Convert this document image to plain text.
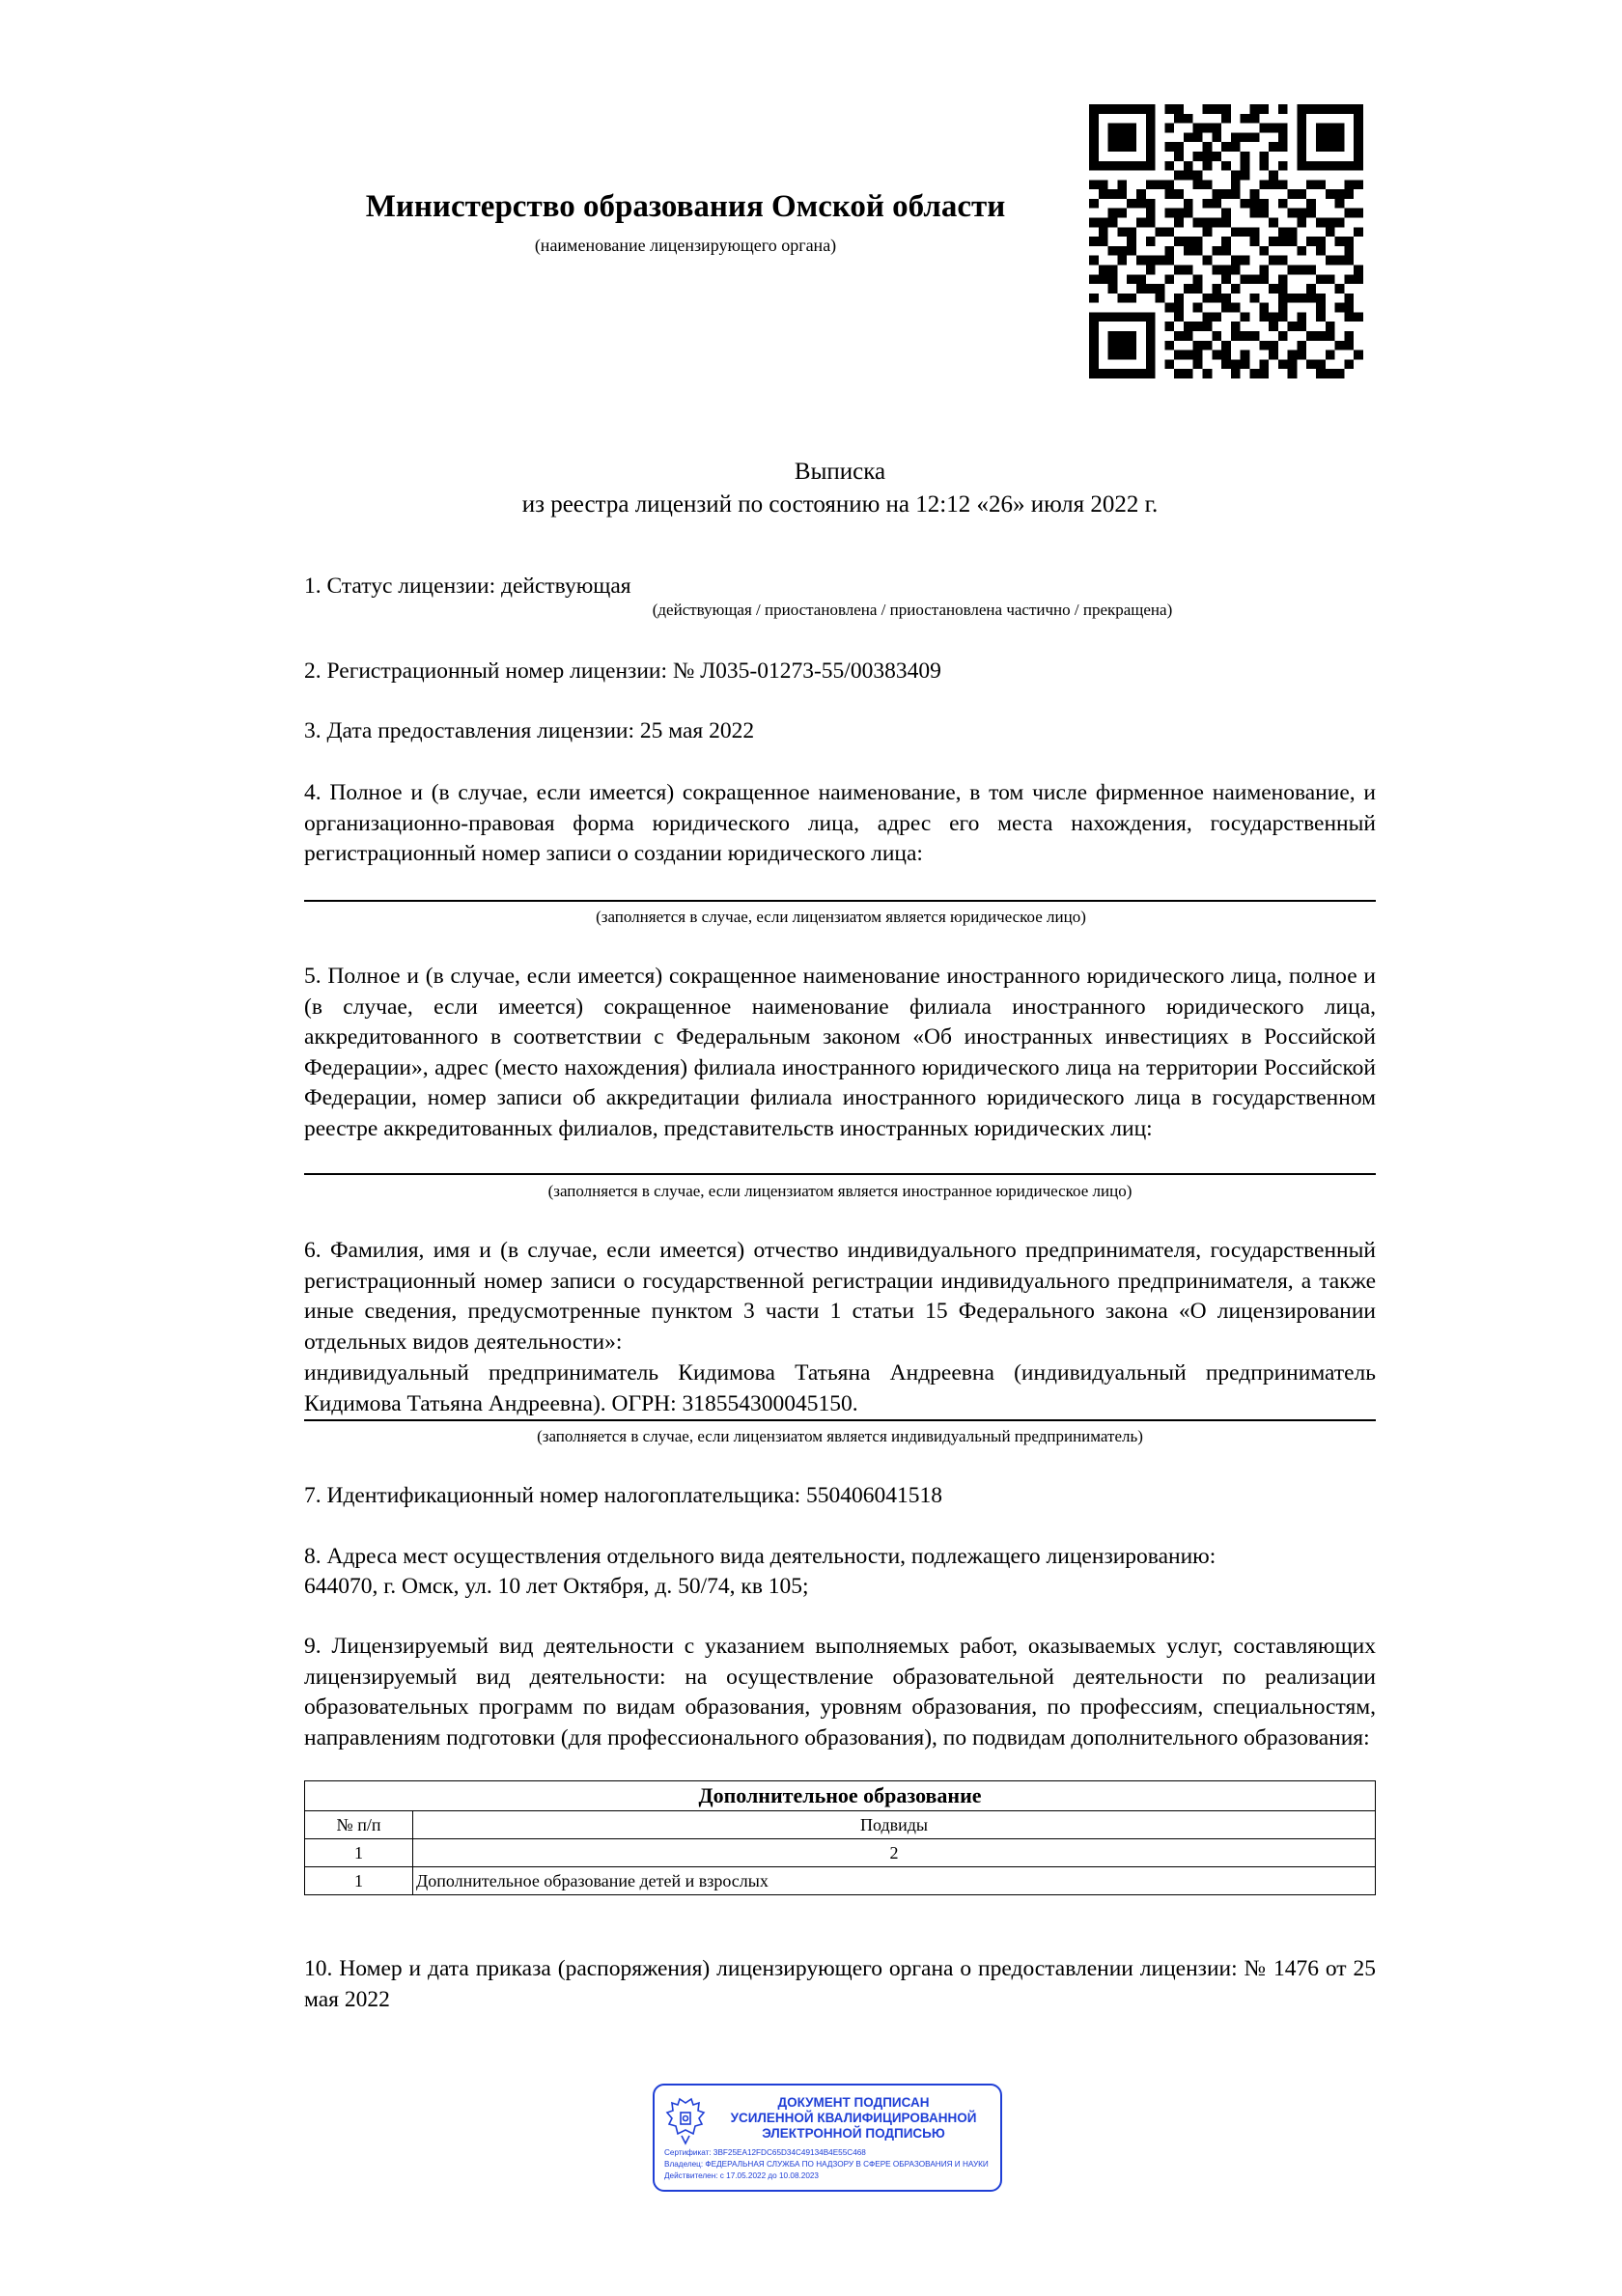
Министерство образования Омской области
(наименование лицензирующего органа)
Выписка
из реестра лицензий по состоянию на 12:12 «26» июля 2022 г.
1. Статус лицензии: действующая
(действующая / приостановлена / приостановлена частично / прекращена)
2. Регистрационный номер лицензии: № Л035-01273-55/00383409
3. Дата предоставления лицензии: 25 мая 2022
4. Полное и (в случае, если имеется) сокращенное наименование, в том числе фирменное наименование, и организационно-правовая форма юридического лица, адрес его места нахождения, государственный регистрационный номер записи о создании юридического лица:
(заполняется в случае, если лицензиатом является юридическое лицо)
5. Полное и (в случае, если имеется) сокращенное наименование иностранного юридического лица, полное и (в случае, если имеется) сокращенное наименование филиала иностранного юридического лица, аккредитованного в соответствии с Федеральным законом «Об иностранных инвестициях в Российской Федерации», адрес (место нахождения) филиала иностранного юридического лица на территории Российской Федерации, номер записи об аккредитации филиала иностранного юридического лица в государственном реестре аккредитованных филиалов, представительств иностранных юридических лиц:
(заполняется в случае, если лицензиатом является иностранное юридическое лицо)
6. Фамилия, имя и (в случае, если имеется) отчество индивидуального предпринимателя, государственный регистрационный номер записи о государственной регистрации индивидуального предпринимателя, а также иные сведения, предусмотренные пунктом 3 части 1 статьи 15 Федерального закона «О лицензировании отдельных видов деятельности»:
индивидуальный предприниматель Кидимова Татьяна Андреевна (индивидуальный предприниматель Кидимова Татьяна Андреевна). ОГРН: 318554300045150.
(заполняется в случае, если лицензиатом является индивидуальный предприниматель)
7. Идентификационный номер налогоплательщика: 550406041518
8. Адреса мест осуществления отдельного вида деятельности, подлежащего лицензированию:
644070, г. Омск, ул. 10 лет Октября, д. 50/74, кв 105;
9. Лицензируемый вид деятельности с указанием выполняемых работ, оказываемых услуг, составляющих лицензируемый вид деятельности: на осуществление образовательной деятельности по реализации образовательных программ по видам образования, уровням образования, по профессиям, специальностям, направлениям подготовки (для профессионального образования), по подвидам дополнительного образования:
Дополнительное образование	
№ п/п	Подвиды
1	2
1	Дополнительное образование детей и взрослых
10. Номер и дата приказа (распоряжения) лицензирующего органа о предоставлении лицензии: № 1476 от 25 мая 2022
ДОКУМЕНТ ПОДПИСАН
УСИЛЕННОЙ КВАЛИФИЦИРОВАННОЙ
ЭЛЕКТРОННОЙ ПОДПИСЬЮ
Сертификат: 3BF25EA12FDC65D34C49134B4E55C468
Владелец: ФЕДЕРАЛЬНАЯ СЛУЖБА ПО НАДЗОРУ В СФЕРЕ ОБРАЗОВАНИЯ И НАУКИ
Действителен: с 17.05.2022 до 10.08.2023
